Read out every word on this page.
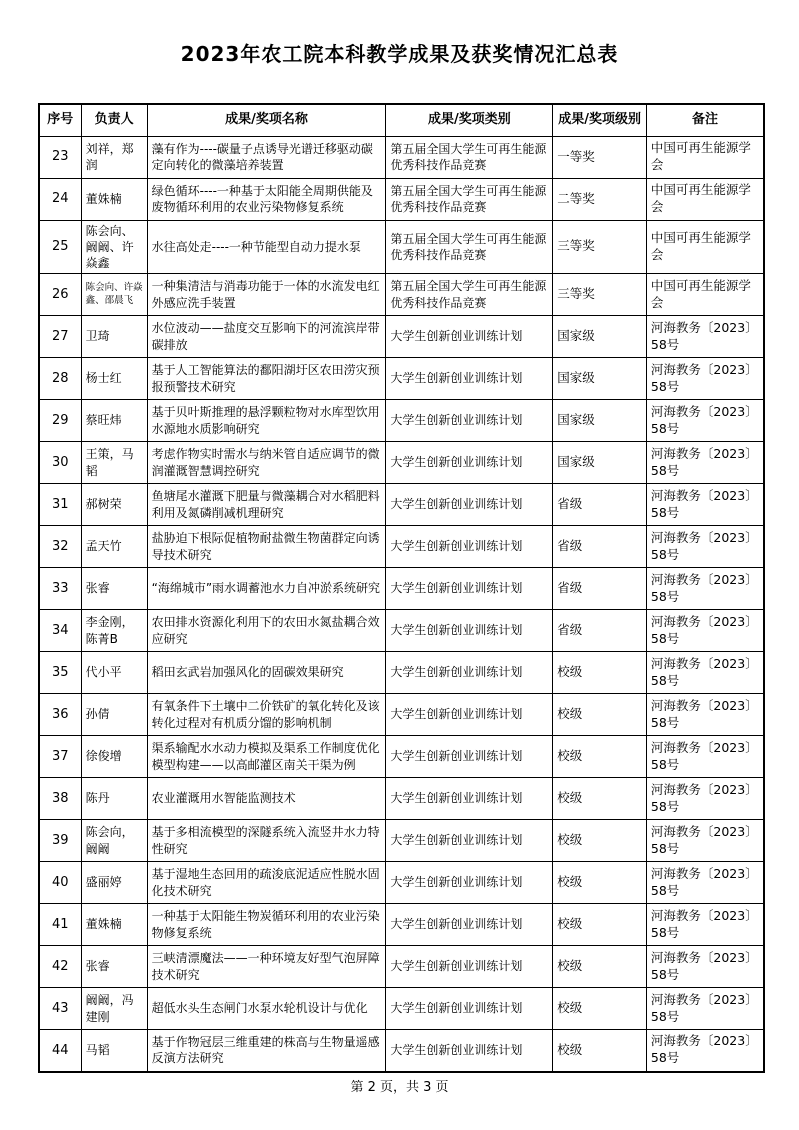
2023年农工院本科教学成果及获奖情况汇总表
序号	负责人	成果/奖项名称	成果/奖项类别	成果/奖项级别	备注
23	刘祥，郑润	藻有作为----碳量子点诱导光谱迁移驱动碳定向转化的微藻培养装置	第五届全国大学生可再生能源优秀科技作品竞赛	一等奖	中国可再生能源学会
24	董姝楠	绿色循环----一种基于太阳能全周期供能及废物循环利用的农业污染物修复系统	第五届全国大学生可再生能源优秀科技作品竞赛	二等奖	中国可再生能源学会
25	陈会向、阚阚、许焱鑫	水往高处走----一种节能型自动力提水泵	第五届全国大学生可再生能源优秀科技作品竞赛	三等奖	中国可再生能源学会
26	陈会向、许焱鑫、邵晨飞	一种集清洁与消毒功能于一体的水流发电红外感应洗手装置	第五届全国大学生可再生能源优秀科技作品竞赛	三等奖	中国可再生能源学会
27	卫琦	水位波动——盐度交互影响下的河流滨岸带碳排放	大学生创新创业训练计划	国家级	河海教务〔2023〕58号
28	杨士红	基于人工智能算法的鄱阳湖圩区农田涝灾预报预警技术研究	大学生创新创业训练计划	国家级	河海教务〔2023〕58号
29	蔡旺炜	基于贝叶斯推理的悬浮颗粒物对水库型饮用水源地水质影响研究	大学生创新创业训练计划	国家级	河海教务〔2023〕58号
30	王策，马韬	考虑作物实时需水与纳米管自适应调节的微润灌溉智慧调控研究	大学生创新创业训练计划	国家级	河海教务〔2023〕58号
31	郝树荣	鱼塘尾水灌溉下肥量与微藻耦合对水稻肥料利用及氮磷削减机理研究	大学生创新创业训练计划	省级	河海教务〔2023〕58号
32	孟天竹	盐胁迫下根际促植物耐盐微生物菌群定向诱导技术研究	大学生创新创业训练计划	省级	河海教务〔2023〕58号
33	张睿	“海绵城市”雨水调蓄池水力自冲淤系统研究	大学生创新创业训练计划	省级	河海教务〔2023〕58号
34	李金刚，陈菁B	农田排水资源化利用下的农田水氮盐耦合效应研究	大学生创新创业训练计划	省级	河海教务〔2023〕58号
35	代小平	稻田玄武岩加强风化的固碳效果研究	大学生创新创业训练计划	校级	河海教务〔2023〕58号
36	孙倩	有氧条件下土壤中二价铁矿的氧化转化及该转化过程对有机质分馏的影响机制	大学生创新创业训练计划	校级	河海教务〔2023〕58号
37	徐俊增	渠系输配水水动力模拟及渠系工作制度优化模型构建——以高邮灌区南关干渠为例	大学生创新创业训练计划	校级	河海教务〔2023〕58号
38	陈丹	农业灌溉用水智能监测技术	大学生创新创业训练计划	校级	河海教务〔2023〕58号
39	陈会向，阚阚	基于多相流模型的深隧系统入流竖井水力特性研究	大学生创新创业训练计划	校级	河海教务〔2023〕58号
40	盛丽婷	基于湿地生态回用的疏浚底泥适应性脱水固化技术研究	大学生创新创业训练计划	校级	河海教务〔2023〕58号
41	董姝楠	一种基于太阳能生物炭循环利用的农业污染物修复系统	大学生创新创业训练计划	校级	河海教务〔2023〕58号
42	张睿	三峡清漂魔法——一种环境友好型气泡屏障技术研究	大学生创新创业训练计划	校级	河海教务〔2023〕58号
43	阚阚，冯建刚	超低水头生态闸门水泵水轮机设计与优化	大学生创新创业训练计划	校级	河海教务〔2023〕58号
44	马韬	基于作物冠层三维重建的株高与生物量遥感反演方法研究	大学生创新创业训练计划	校级	河海教务〔2023〕58号
第 2 页，共 3 页
